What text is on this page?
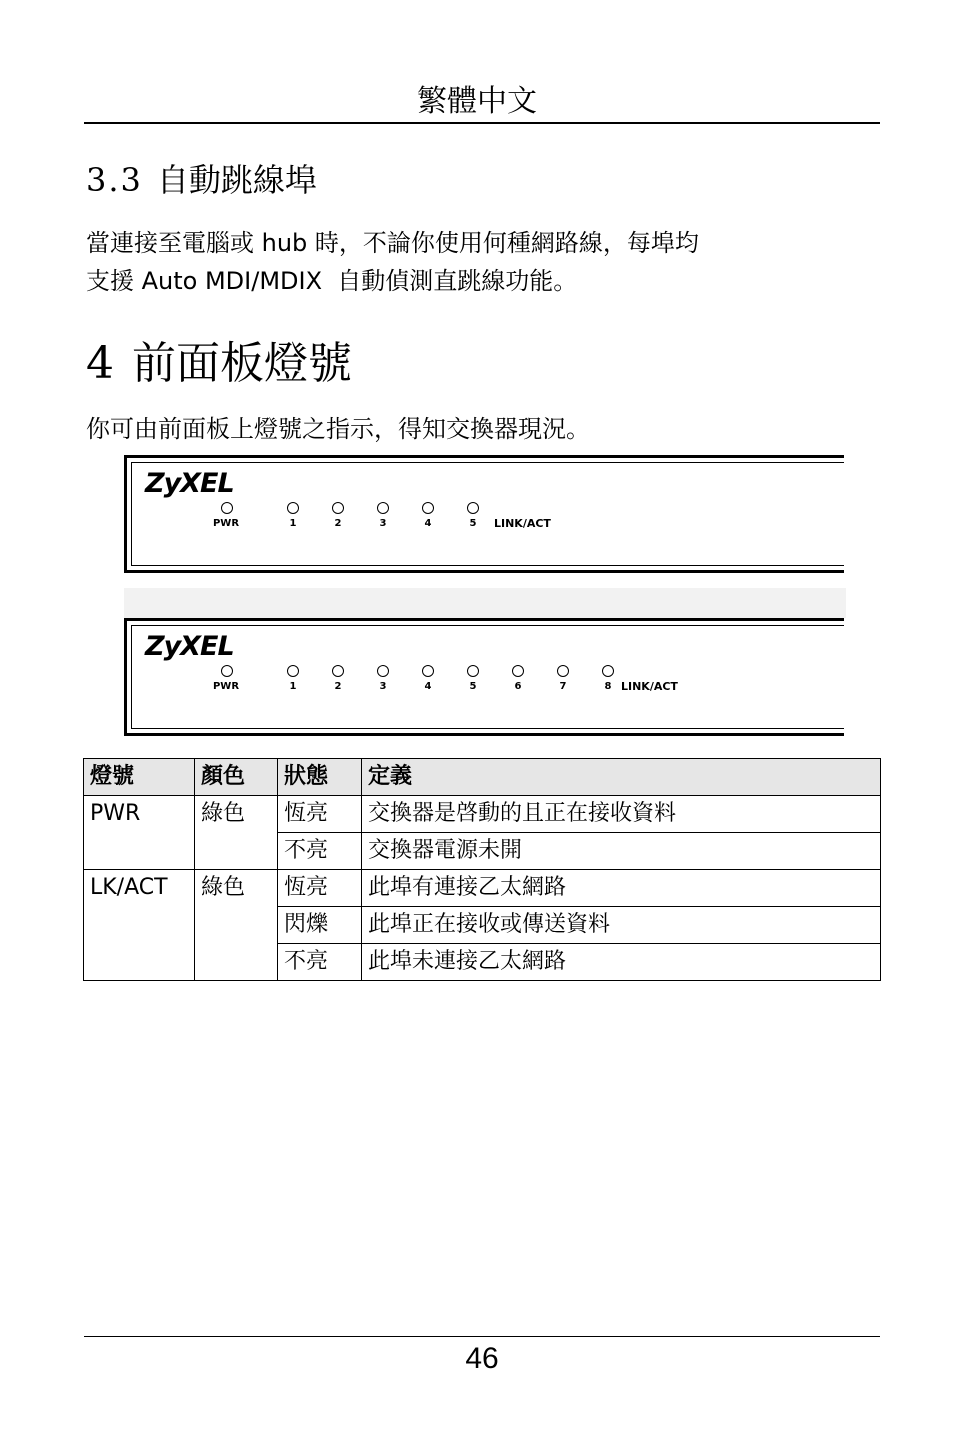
繁體中文
3.3 自動跳線埠
當連接至電腦或 hub 時，不論你使用何種網路線，每埠均
支援 Auto MDI/MDIX  自動偵測直跳線功能。
4 前面板燈號
你可由前面板上燈號之指示，得知交換器現況。
ZyXEL
PWR	1	2	3	4	5	LINK/ACT
ZyXEL
PWR	1	2	3	4	5	6	7	8 LINK/ACT
燈號	顏色	狀態	定義
PWR	綠色	恆亮	交換器是啓動的且正在接收資料
		不亮	交換器電源未開
LK/ACT	綠色	恆亮	此埠有連接乙太網路
		閃爍	此埠正在接收或傳送資料
		不亮	此埠未連接乙太網路
46
